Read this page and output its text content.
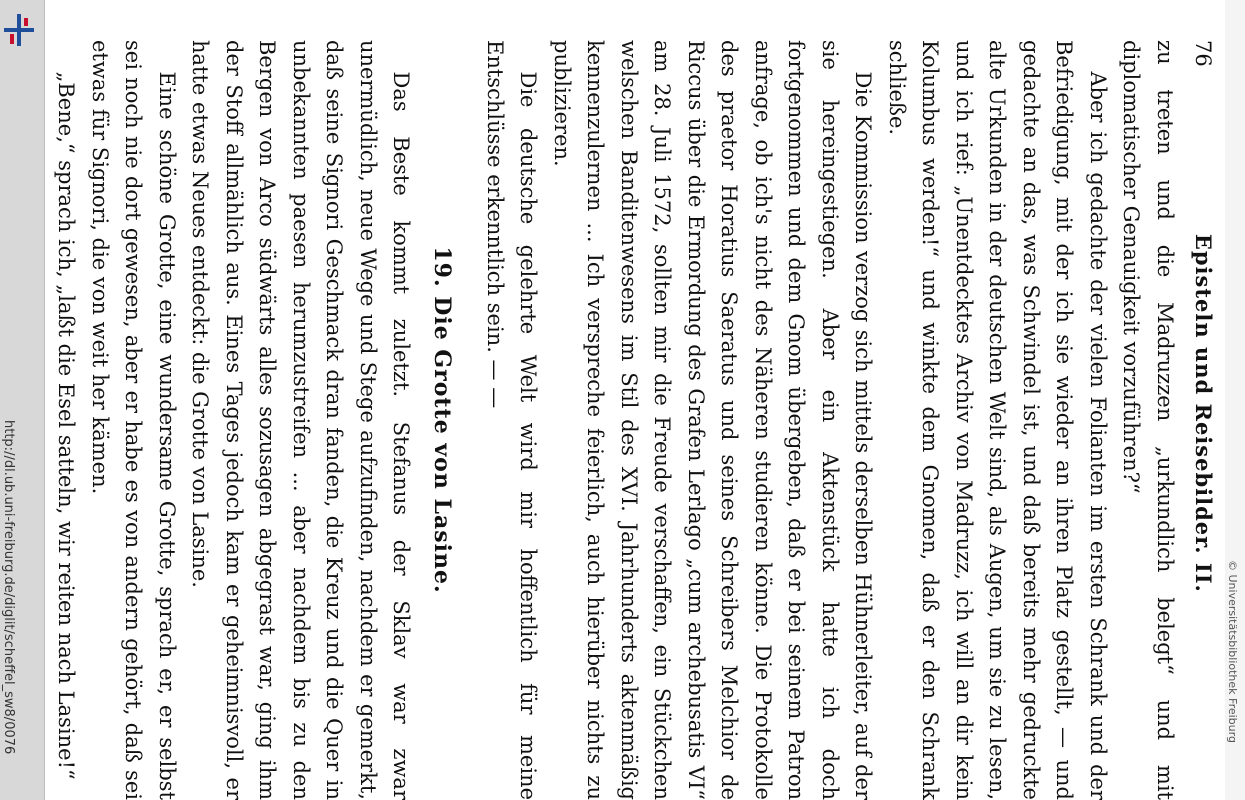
http://dl.ub.uni-freiburg.de/diglit/scheffel_sw8/0076	© Universitätsbibliothek Freiburg
76
Episteln und Reisebilder. II.

zu treten und die Madruzzen „urkundlich belegt“ und mit diplomatischer Genauigkeit vorzuführen?“

Aber ich gedachte der vielen Folianten im ersten Schrank und der Befriedigung, mit der ich sie wieder an ihren Platz gestellt, — und gedachte an das, was Schwindel ist, und daß bereits mehr gedruckte alte Urkunden in der deutschen Welt sind, als Augen, um sie zu lesen, und ich rief: „Unentdecktes Archiv von Madruzz, ich will an dir kein Kolumbus werden!“ und winkte dem Gnomen, daß er den Schrank schließe.

Die Kommission verzog sich mittels derselben Hühnerleiter, auf der sie hereingestiegen. Aber ein Aktenstück hatte ich doch fortgenommen und dem Gnom übergeben, daß er bei seinem Patron anfrage, ob ich's nicht des Näheren studieren könne. Die Protokolle des praetor Horatius Saeratus und seines Schreibers Melchior de Riccus über die Ermordung des Grafen Lerlago „cum archebusatis VI“ am 28. Juli 1572, sollten mir die Freude verschaffen, ein Stückchen welschen Banditenwesens im Stil des XVI. Jahrhunderts aktenmäßig kennenzulernen ... Ich verspreche feierlich, auch hierüber nichts zu publizieren.

Die deutsche gelehrte Welt wird mir hoffentlich für meine Entschlüsse erkenntlich sein. — —

19. Die Grotte von Lasine.

Das Beste kommt zuletzt. Stefanus der Sklav war zwar unermüdlich, neue Wege und Stege aufzufinden, nachdem er gemerkt, daß seine Signori Geschmack dran fanden, die Kreuz und die Quer in unbekannten paesen herumzustreifen ... aber nachdem bis zu den Bergen von Arco südwärts alles sozusagen abgegrast war, ging ihm der Stoff allmählich aus. Eines Tages jedoch kam er geheimnisvoll, er hatte etwas Neues entdeckt: die Grotte von Lasine.

Eine schöne Grotte, eine wundersame Grotte, sprach er, er selbst sei noch nie dort gewesen, aber er habe es von andern gehört, daß sei etwas für Signori, die von weit her kämen.

„Bene,“ sprach ich, „laßt die Esel satteln, wir reiten nach Lasine!“
